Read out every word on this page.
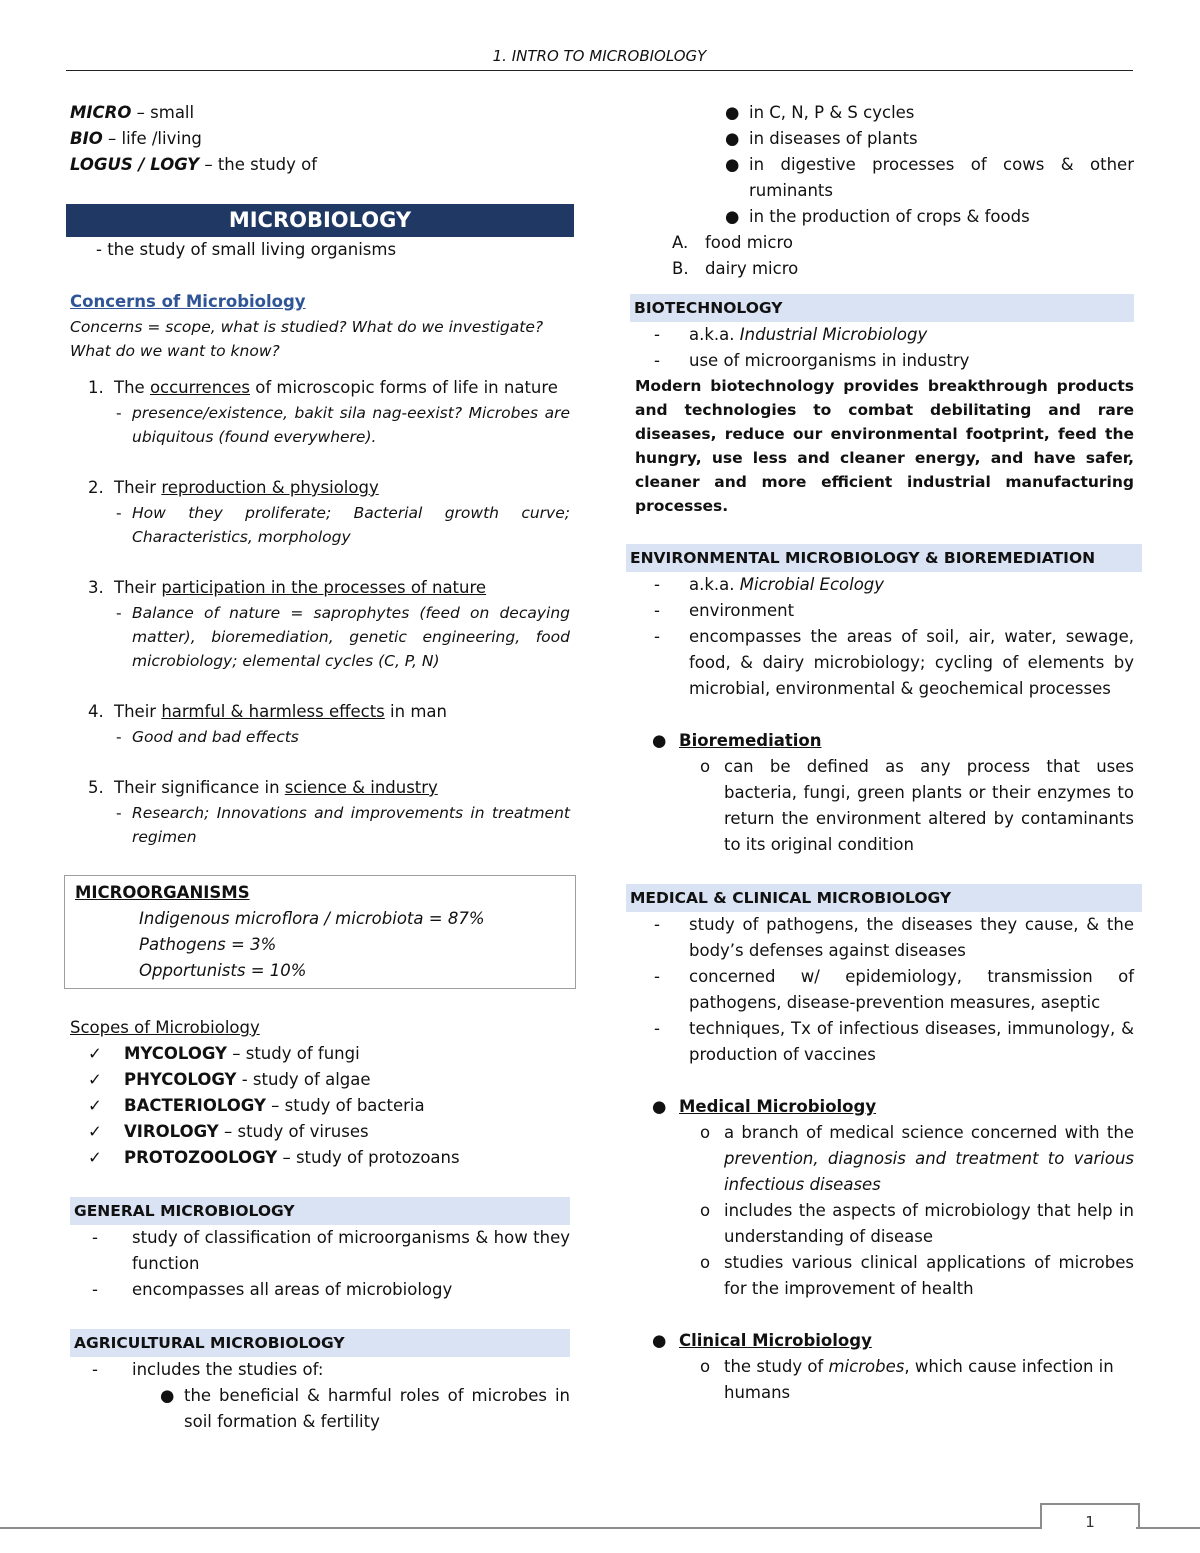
1. INTRO TO MICROBIOLOGY
MICRO – small
BIO – life /living
LOGUS / LOGY – the study of
MICROBIOLOGY
- the study of small living organisms
Concerns of Microbiology
Concerns = scope, what is studied? What do we investigate? What do we want to know?
1. The occurrences of microscopic forms of life in nature
- presence/existence, bakit sila nag-eexist? Microbes are ubiquitous (found everywhere).
2. Their reproduction & physiology
- How they proliferate; Bacterial growth curve; Characteristics, morphology
3. Their participation in the processes of nature
- Balance of nature = saprophytes (feed on decaying matter), bioremediation, genetic engineering, food microbiology; elemental cycles (C, P, N)
4. Their harmful & harmless effects in man
- Good and bad effects
5. Their significance in science & industry
- Research; Innovations and improvements in treatment regimen
MICROORGANISMS
Indigenous microflora / microbiota = 87%
Pathogens = 3%
Opportunists = 10%
Scopes of Microbiology
✓ MYCOLOGY – study of fungi
✓ PHYCOLOGY - study of algae
✓ BACTERIOLOGY – study of bacteria
✓ VIROLOGY – study of viruses
✓ PROTOZOOLOGY – study of protozoans
GENERAL MICROBIOLOGY
- study of classification of microorganisms & how they function
- encompasses all areas of microbiology
AGRICULTURAL MICROBIOLOGY
- includes the studies of:
● the beneficial & harmful roles of microbes in soil formation & fertility
● in C, N, P & S cycles
● in diseases of plants
● in digestive processes of cows & other ruminants
● in the production of crops & foods
A. food micro
B. dairy micro
BIOTECHNOLOGY
- a.k.a. Industrial Microbiology
- use of microorganisms in industry
Modern biotechnology provides breakthrough products and technologies to combat debilitating and rare diseases, reduce our environmental footprint, feed the hungry, use less and cleaner energy, and have safer, cleaner and more efficient industrial manufacturing processes.
ENVIRONMENTAL MICROBIOLOGY & BIOREMEDIATION
- a.k.a. Microbial Ecology
- environment
- encompasses the areas of soil, air, water, sewage, food, & dairy microbiology; cycling of elements by microbial, environmental & geochemical processes
● Bioremediation
o can be defined as any process that uses bacteria, fungi, green plants or their enzymes to return the environment altered by contaminants to its original condition
MEDICAL & CLINICAL MICROBIOLOGY
- study of pathogens, the diseases they cause, & the body’s defenses against diseases
- concerned w/ epidemiology, transmission of pathogens, disease-prevention measures, aseptic
- techniques, Tx of infectious diseases, immunology, & production of vaccines
● Medical Microbiology
o a branch of medical science concerned with the prevention, diagnosis and treatment to various infectious diseases
o includes the aspects of microbiology that help in understanding of disease
o studies various clinical applications of microbes for the improvement of health
● Clinical Microbiology
o the study of microbes, which cause infection in humans
1
